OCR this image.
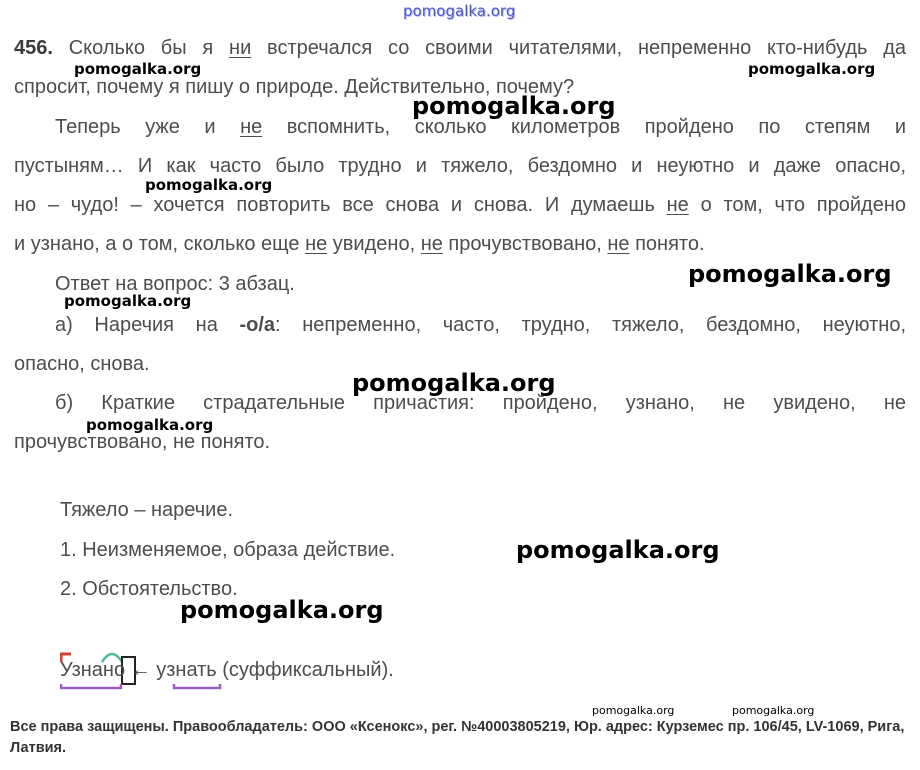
pomogalka.org
456. Сколько бы я ни встречался со своими читателями, непременно кто-нибудь да
спросит, почему я пишу о природе. Действительно, почему?
Теперь уже и не вспомнить, сколько километров пройдено по степям и
пустыням… И как часто было трудно и тяжело, бездомно и неуютно и даже опасно,
но – чудо! – хочется повторить все снова и снова. И думаешь не о том, что пройдено
и узнано, а о том, сколько еще не увидено, не прочувствовано, не понято.
Ответ на вопрос: 3 абзац.
а) Наречия на -о/а: непременно, часто, трудно, тяжело, бездомно, неуютно,
опасно, снова.
б) Краткие страдательные причастия: пройдено, узнано, не увидено, не
прочувствовано, не понято.
Тяжело – наречие.
1. Неизменяемое, образа действие.
2. Обстоятельство.
Узнано ← узнать (суффиксальный).
pomogalka.org	pomogalka.org
pomogalka.org
pomogalka.org
pomogalka.org
pomogalka.org
pomogalka.org
pomogalka.org
pomogalka.org
pomogalka.org
pomogalka.org	pomogalka.org
Все права защищены. Правообладатель: ООО «Ксенокс», рег. №40003805219, Юр. адрес: Курземес пр. 106/45, LV-1069, Рига, Латвия.
